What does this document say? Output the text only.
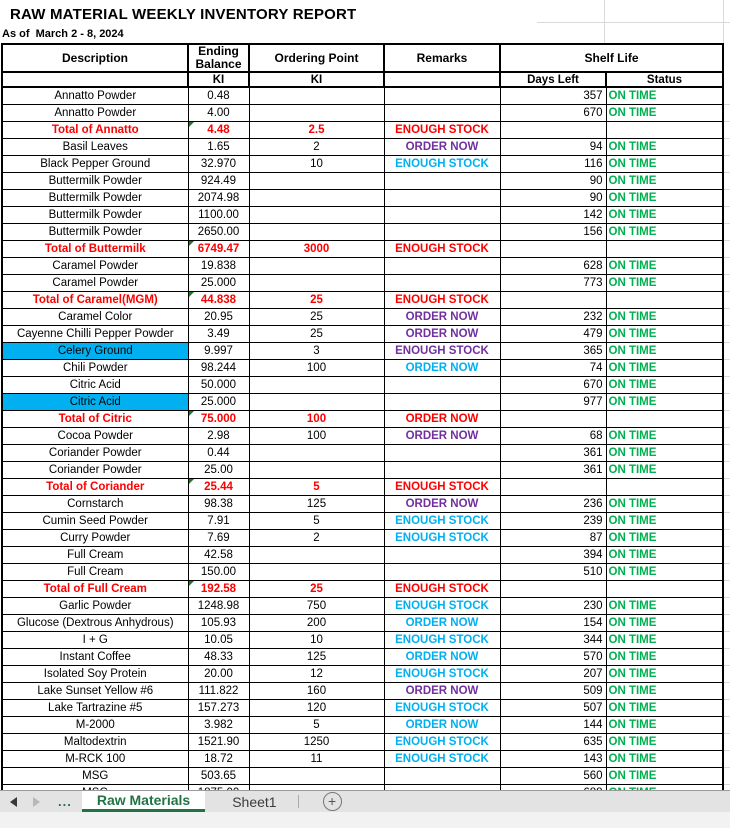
RAW MATERIAL WEEKLY INVENTORY REPORT
As of  March 2 - 8, 2024
Description	Ending Balance	Ordering Point	Remarks	Shelf Life	
	KI	KI		Days Left	Status
Annatto Powder	0.48			357	ON TIME
Annatto Powder	4.00			670	ON TIME
Total of Annatto	4.48	2.5	ENOUGH STOCK		
Basil Leaves	1.65	2	ORDER NOW	94	ON TIME
Black Pepper Ground	32.970	10	ENOUGH STOCK	116	ON TIME
Buttermilk Powder	924.49			90	ON TIME
Buttermilk Powder	2074.98			90	ON TIME
Buttermilk Powder	1100.00			142	ON TIME
Buttermilk Powder	2650.00			156	ON TIME
Total of Buttermilk	6749.47	3000	ENOUGH STOCK		
Caramel Powder	19.838			628	ON TIME
Caramel Powder	25.000			773	ON TIME
Total of Caramel(MGM)	44.838	25	ENOUGH STOCK		
Caramel Color	20.95	25	ORDER NOW	232	ON TIME
Cayenne Chilli Pepper Powder	3.49	25	ORDER NOW	479	ON TIME
Celery Ground	9.997	3	ENOUGH STOCK	365	ON TIME
Chili Powder	98.244	100	ORDER NOW	74	ON TIME
Citric Acid	50.000			670	ON TIME
Citric Acid	25.000			977	ON TIME
Total of Citric	75.000	100	ORDER NOW		
Cocoa Powder	2.98	100	ORDER NOW	68	ON TIME
Coriander Powder	0.44			361	ON TIME
Coriander Powder	25.00			361	ON TIME
Total of Coriander	25.44	5	ENOUGH STOCK		
Cornstarch	98.38	125	ORDER NOW	236	ON TIME
Cumin Seed Powder	7.91	5	ENOUGH STOCK	239	ON TIME
Curry Powder	7.69	2	ENOUGH STOCK	87	ON TIME
Full Cream	42.58			394	ON TIME
Full Cream	150.00			510	ON TIME
Total of Full Cream	192.58	25	ENOUGH STOCK		
Garlic Powder	1248.98	750	ENOUGH STOCK	230	ON TIME
Glucose (Dextrous Anhydrous)	105.93	200	ORDER NOW	154	ON TIME
I + G	10.05	10	ENOUGH STOCK	344	ON TIME
Instant Coffee	48.33	125	ORDER NOW	570	ON TIME
Isolated Soy Protein	20.00	12	ENOUGH STOCK	207	ON TIME
Lake Sunset Yellow #6	111.822	160	ORDER NOW	509	ON TIME
Lake Tartrazine #5	157.273	120	ENOUGH STOCK	507	ON TIME
M-2000	3.982	5	ORDER NOW	144	ON TIME
Maltodextrin	1521.90	1250	ENOUGH STOCK	635	ON TIME
M-RCK 100	18.72	11	ENOUGH STOCK	143	ON TIME
MSG	503.65			560	ON TIME

... Raw Materials	Sheet1	+
